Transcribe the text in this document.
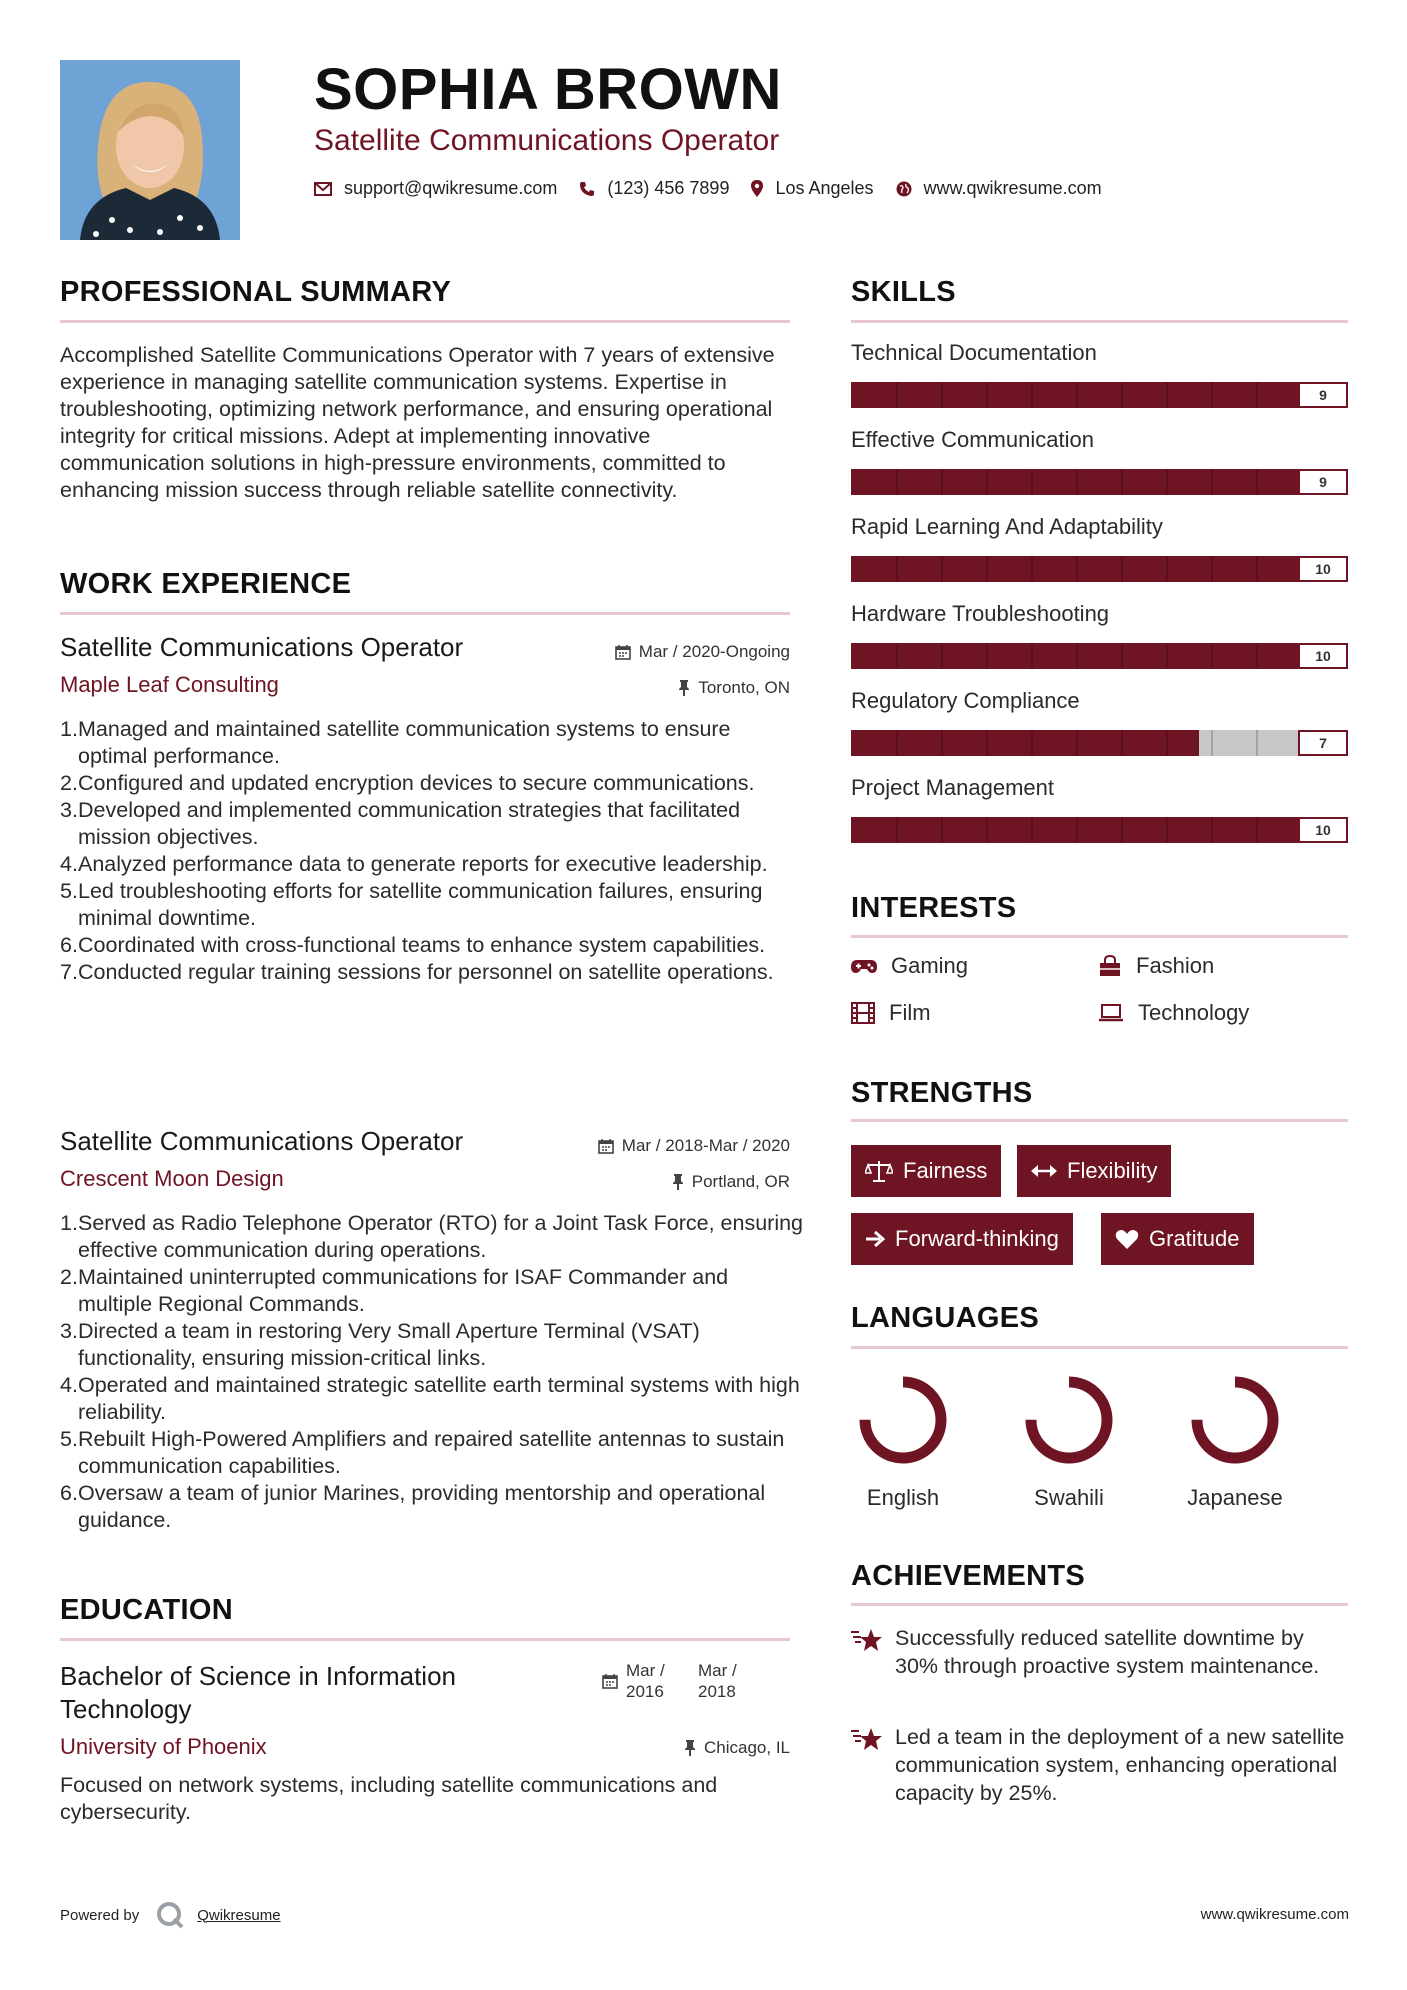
SOPHIA BROWN
Satellite Communications Operator
support@qwikresume.com	(123) 456 7899	Los Angeles	www.qwikresume.com
PROFESSIONAL SUMMARY
Accomplished Satellite Communications Operator with 7 years of extensive experience in managing satellite communication systems. Expertise in troubleshooting, optimizing network performance, and ensuring operational integrity for critical missions. Adept at implementing innovative communication solutions in high-pressure environments, committed to enhancing mission success through reliable satellite connectivity.
WORK EXPERIENCE
Satellite Communications Operator	Mar / 2020-Ongoing
Maple Leaf Consulting	Toronto, ON
Managed and maintained satellite communication systems to ensure optimal performance.
Configured and updated encryption devices to secure communications.
Developed and implemented communication strategies that facilitated mission objectives.
Analyzed performance data to generate reports for executive leadership.
Led troubleshooting efforts for satellite communication failures, ensuring minimal downtime.
Coordinated with cross-functional teams to enhance system capabilities.
Conducted regular training sessions for personnel on satellite operations.
Satellite Communications Operator	Mar / 2018-Mar / 2020
Crescent Moon Design	Portland, OR
Served as Radio Telephone Operator (RTO) for a Joint Task Force, ensuring effective communication during operations.
Maintained uninterrupted communications for ISAF Commander and multiple Regional Commands.
Directed a team in restoring Very Small Aperture Terminal (VSAT) functionality, ensuring mission-critical links.
Operated and maintained strategic satellite earth terminal systems with high reliability.
Rebuilt High-Powered Amplifiers and repaired satellite antennas to sustain communication capabilities.
Oversaw a team of junior Marines, providing mentorship and operational guidance.
EDUCATION
Bachelor of Science in Information Technology
Mar / 2016
Mar / 2018
University of Phoenix	Chicago, IL
Focused on network systems, including satellite communications and cybersecurity.
SKILLS
Technical Documentation
9
Effective Communication
9
Rapid Learning And Adaptability
10
Hardware Troubleshooting
10
Regulatory Compliance
7
Project Management
10
INTERESTS
Gaming	Fashion
Film	Technology
STRENGTHS
Fairness	Flexibility
Forward-thinking	Gratitude
LANGUAGES
English	Swahili	Japanese
ACHIEVEMENTS
Successfully reduced satellite downtime by 30% through proactive system maintenance.
Led a team in the deployment of a new satellite communication system, enhancing operational capacity by 25%.
Powered by	Qwikresume	www.qwikresume.com
